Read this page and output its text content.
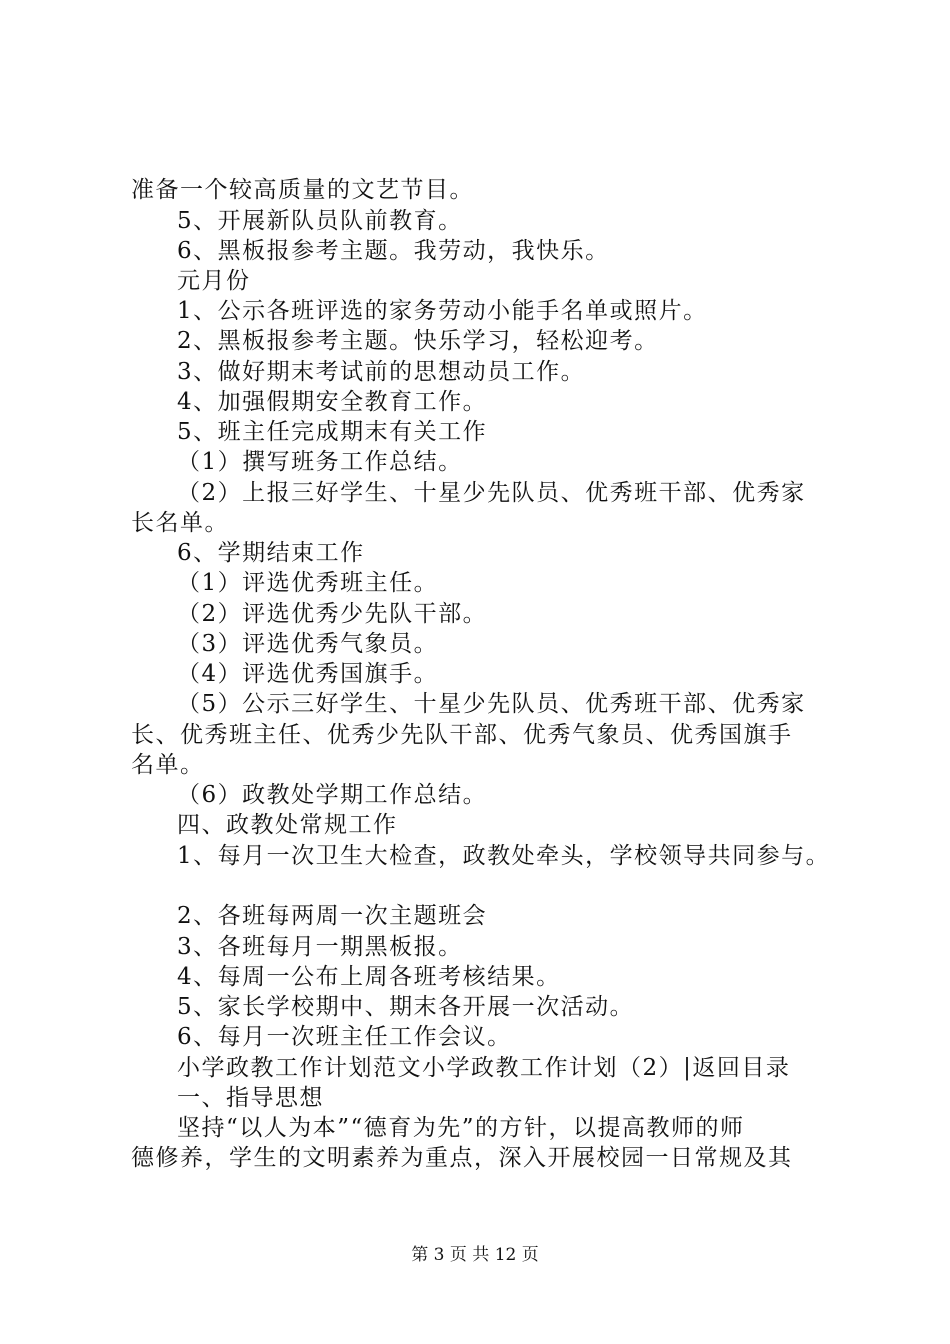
准备一个较高质量的文艺节目。
5、开展新队员队前教育。
6、黑板报参考主题。我劳动，我快乐。
元月份
1、公示各班评选的家务劳动小能手名单或照片。
2、黑板报参考主题。快乐学习，轻松迎考。
3、做好期末考试前的思想动员工作。
4、加强假期安全教育工作。
5、班主任完成期末有关工作
（1）撰写班务工作总结。
（2）上报三好学生、十星少先队员、优秀班干部、优秀家
长名单。
6、学期结束工作
（1）评选优秀班主任。
（2）评选优秀少先队干部。
（3）评选优秀气象员。
（4）评选优秀国旗手。
（5）公示三好学生、十星少先队员、优秀班干部、优秀家
长、优秀班主任、优秀少先队干部、优秀气象员、优秀国旗手
名单。
（6）政教处学期工作总结。
四、政教处常规工作
1、每月一次卫生大检查，政教处牵头，学校领导共同参与。
2、各班每两周一次主题班会
3、各班每月一期黑板报。
4、每周一公布上周各班考核结果。
5、家长学校期中、期末各开展一次活动。
6、每月一次班主任工作会议。
小学政教工作计划范文小学政教工作计划（2）|返回目录
一、指导思想
坚持“以人为本”“德育为先”的方针，以提高教师的师
德修养，学生的文明素养为重点，深入开展校园一日常规及其
第 3 页 共 12 页
